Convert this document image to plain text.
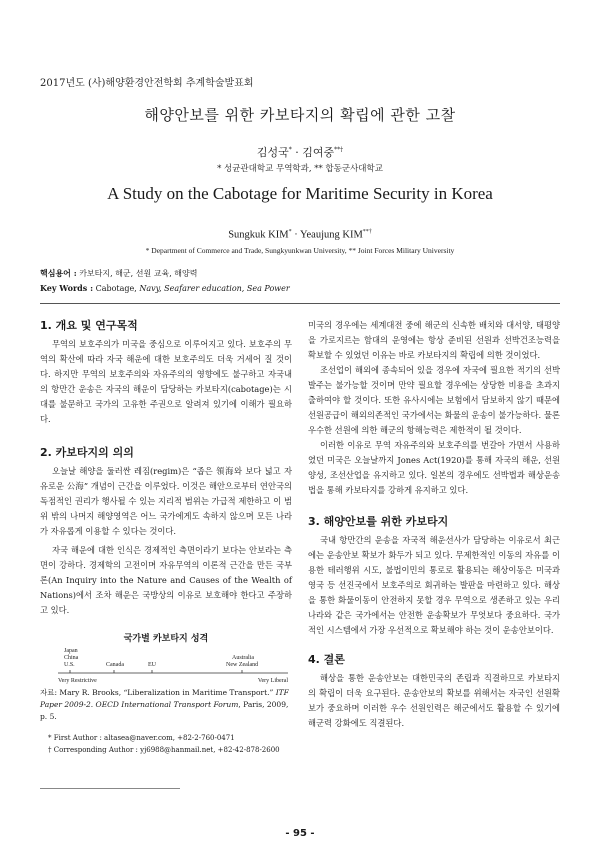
2017년도 (사)해양환경안전학회 추계학술발표회
해양안보를 위한 카보타지의 확립에 관한 고찰
김성국* · 김여중**†
* 성균관대학교 무역학과, ** 합동군사대학교
A Study on the Cabotage for Maritime Security in Korea
Sungkuk KIM* · Yeaujung KIM**†
* Department of Commerce and Trade, Sungkyunkwan University, ** Joint Forces Military University
핵심용어 : 카보타지, 해군, 선원 교육, 해양력
Key Words : Cabotage, Navy, Seafarer education, Sea Power
1. 개요 및 연구목적

무역의 보호주의가 미국을 중심으로 이루어지고 있다. 보호주의 무역의 확산에 따라 자국 해운에 대한 보호주의도 더욱 거세어 질 것이다. 하지만 무역의 보호주의와 자유주의의 영향에도 불구하고 자국내의 항만간 운송은 자국의 해운이 담당하는 카보타지(cabotage)는 시대를 불문하고 국가의 고유한 주권으로 알려져 있기에 이해가 필요하다.

2. 카보타지의 의의

오늘날 해양을 둘러싼 레짐(regim)은 “좁은 領海와 보다 넓고 자유로운 公海” 개념이 근간을 이루었다. 이것은 해안으로부터 연안국의 독점적인 권리가 행사될 수 있는 지리적 범위는 가급적 제한하고 이 범위 밖의 나머지 해양영역은 어느 국가에게도 속하지 않으며 모든 나라가 자유롭게 이용할 수 있다는 것이다.

자국 해운에 대한 인식은 경제적인 측면이라기 보다는 안보라는 측면이 강하다. 경제학의 고전이며 자유무역의 이론적 근간을 만든 국부론(An Inquiry into the Nature and Causes of the Wealth of Nations)에서 조차 해운은 국방상의 이유로 보호해야 한다고 주장하고 있다.

국가별 카보타지 성격
Japan
China
U.S.	Canada	EU
Australia
New Zealand
Very Restrictive	Very Liberal
자료: Mary R. Brooks, “Liberalization in Maritime Transport.” ITF Paper 2009-2. OECD International Transport Forum, Paris, 2009, p. 5.
* First Author : altasea@naver.com, +82-2-760-0471
† Corresponding Author : yj6988@hanmail.net, +82-42-878-2600

미국의 경우에는 세계대전 중에 해군의 신속한 배치와 대서양, 태평양을 가로지르는 함대의 운영에는 항상 준비된 선원과 선박건조능력을 확보할 수 있었던 이유는 바로 카보타지의 확립에 의한 것이었다.

조선업이 해외에 종속되어 있을 경우에 자국에 필요한 적기의 선박발주는 불가능할 것이며 만약 필요할 경우에는 상당한 비용을 초과지출하여야 할 것이다. 또한 유사시에는 보험에서 담보하지 않기 때문에 선원공급이 해외의존적인 국가에서는 화물의 운송이 불가능하다. 물론 우수한 선원에 의한 해군의 항해능력은 제한적이 될 것이다.

이러한 이유로 무역 자유주의와 보호주의를 번갈아 가면서 사용하였던 미국은 오늘날까지 Jones Act(1920)를 통해 자국의 해운, 선원양성, 조선산업을 유지하고 있다. 일본의 경우에도 선박법과 해상운송법을 통해 카보타지를 강하게 유지하고 있다.

3. 해양안보를 위한 카보타지

국내 항만간의 운송을 자국적 해운선사가 담당하는 이유로서 최근에는 운송안보 확보가 화두가 되고 있다. 무제한적인 이동의 자유를 이용한 테러행위 시도, 불법이민의 통로로 활용되는 해상이동은 미국과 영국 등 선진국에서 보호주의로 회귀하는 발판을 마련하고 있다. 해상을 통한 화물이동이 안전하지 못할 경우 무역으로 생존하고 있는 우리나라와 같은 국가에서는 안전한 운송확보가 무엇보다 중요하다. 국가적인 시스템에서 가장 우선적으로 확보해야 하는 것이 운송안보이다.

4. 결론

해상을 통한 운송안보는 대한민국의 존립과 직결하므로 카보타지의 확립이 더욱 요구된다. 운송안보의 확보를 위해서는 자국인 선원확보가 중요하며 이러한 우수 선원인력은 해군에서도 활용할 수 있기에 해군력 강화에도 직결된다.

- 95 -
